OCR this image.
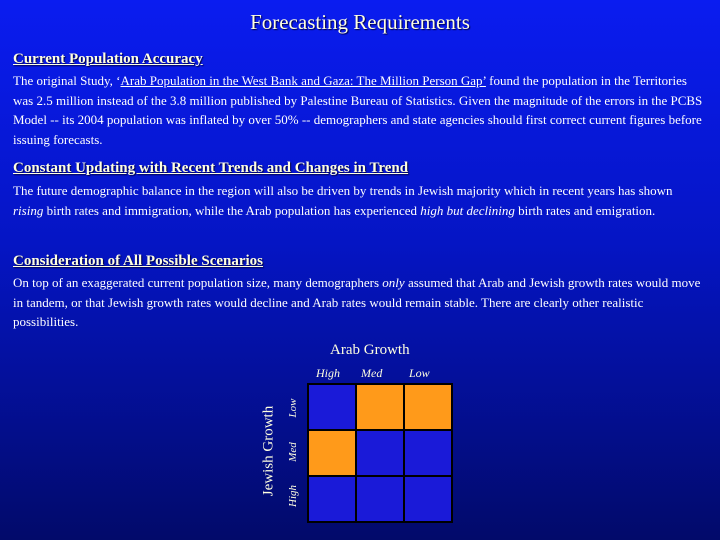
Forecasting Requirements
Current Population Accuracy
The original Study, ‘Arab Population in the West Bank and Gaza: The Million Person Gap’ found the population in the Territories was 2.5 million instead of the 3.8 million published by Palestine Bureau of Statistics. Given the magnitude of the errors in the PCBS Model -- its 2004 population was inflated by over 50% -- demographers and state agencies should first correct current figures before issuing forecasts.
Constant Updating with Recent Trends and Changes in Trend
The future demographic balance in the region will also be driven by trends in Jewish majority which in recent years has shown rising birth rates and immigration, while the Arab population has experienced high but declining birth rates and emigration.
Consideration of All Possible Scenarios
On top of an exaggerated current population size, many demographers only assumed that Arab and Jewish growth rates would move in tandem, or that Jewish growth rates would decline and Arab rates would remain stable. There are clearly other realistic possibilities.
Arab Growth
High Med Low
Jewish Growth Low
Med
High
